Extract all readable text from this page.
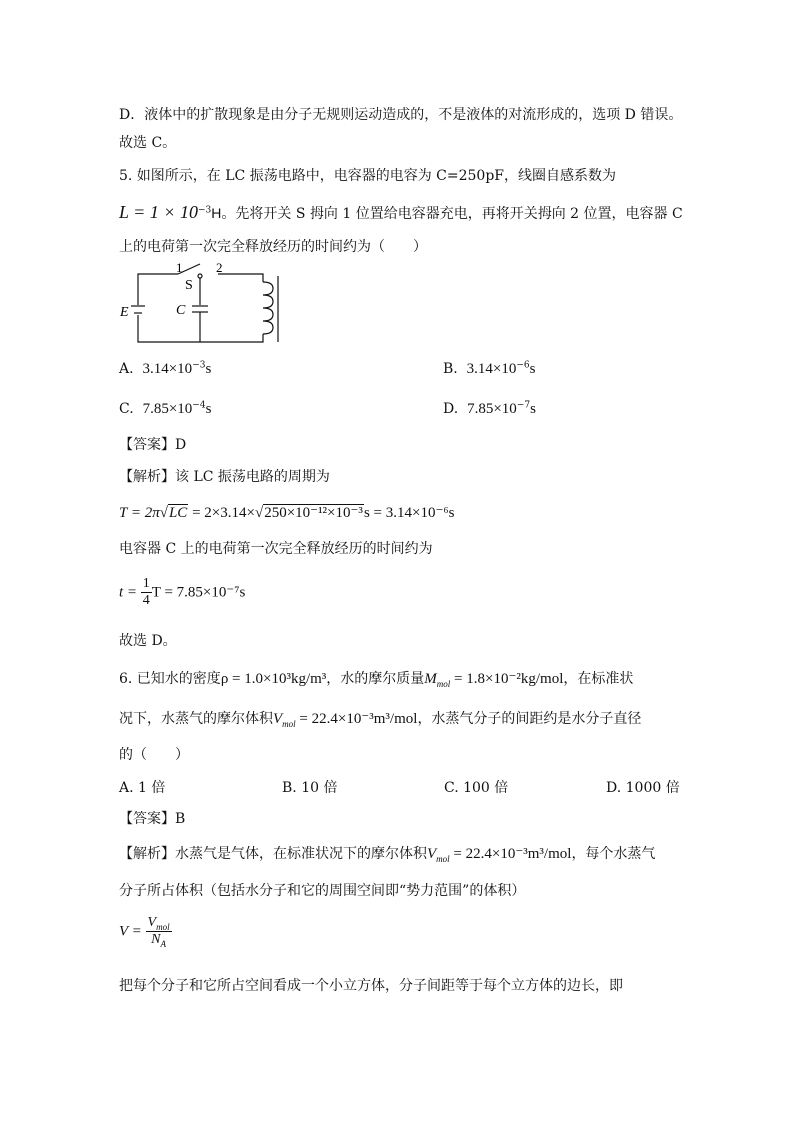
D．液体中的扩散现象是由分子无规则运动造成的，不是液体的对流形成的，选项 D 错误。
故选 C。
5. 如图所示，在 LC 振荡电路中，电容器的电容为 C=250pF，线圈自感系数为
$L = 1 \times 10^{-3}H$。先将开关 S 拇向 1 位置给电容器充电，再将开关拇向 2 位置，电容器 C
上的电荷第一次完全释放经历的时间约为（　　）
1	2
S
C
E
A. $3.14\times 10^{-3}s$	B. $3.14\times 10^{-6}s$
C. $7.85\times 10^{-4}s$	D. $7.85\times 10^{-7}s$
【答案】D
【解析】该 LC 振荡电路的周期为
T = 2π√LC = 2×3.14×√250×10⁻¹²×10⁻³s = 3.14×10⁻⁶s
电容器 C 上的电荷第一次完全释放经历的时间约为
$t = \frac{1}{4}$ T = 7.85×10⁻⁷s
故选 D。
6. 已知水的密度ρ = 1.0×10³kg/m³，水的摩尔质量$M_{mol} = 1.8\times 10^{-2}kg/mol$，在标准状
况下，水蒸气的摩尔体积$V_{mol} = 22.4\times 10^{-3}m^3/mol$，水蒸气分子的间距约是水分子直径
的（　　）
A. 1 倍	B. 10 倍	C. 100 倍	D. 1000 倍
【答案】B
【解析】水蒸气是气体，在标准状况下的摩尔体积$V_{mol} = 22.4\times 10^{-3}m^3/mol$，每个水蒸气
分子所占体积（包括水分子和它的周围空间即“势力范围”的体积）
$V = \frac{V_{mol}}{N_A}$
把每个分子和它所占空间看成一个小立方体，分子间距等于每个立方体的边长，即
